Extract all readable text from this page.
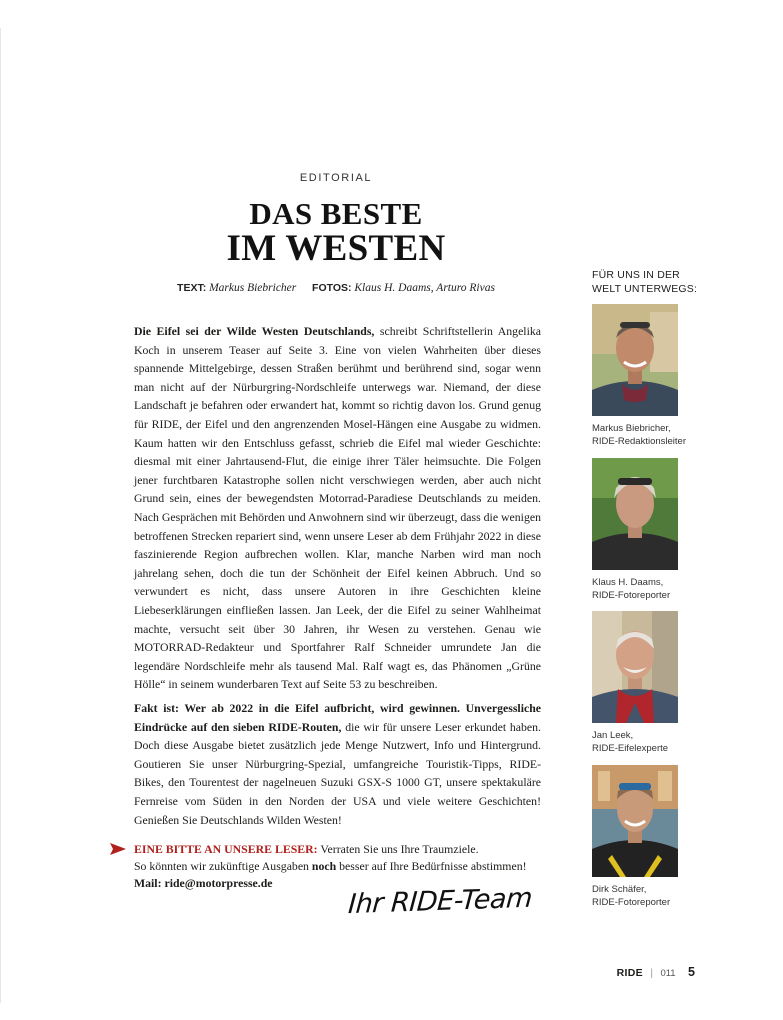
EDITORIAL
DAS BESTE
IM WESTEN
TEXT: Markus Biebricher FOTOS: Klaus H. Daams, Arturo Rivas
Die Eifel sei der Wilde Westen Deutschlands, schreibt Schriftstellerin Angelika Koch in unserem Teaser auf Seite 3. Eine von vielen Wahrheiten über dieses spannende Mittelgebirge, dessen Straßen berühmt und berührend sind, sogar wenn man nicht auf der Nürburgring-Nordschleife unterwegs war. Niemand, der diese Landschaft je befahren oder erwandert hat, kommt so richtig davon los. Grund genug für RIDE, der Eifel und den angrenzenden Mosel-Hängen eine Ausgabe zu widmen. Kaum hatten wir den Entschluss gefasst, schrieb die Eifel mal wieder Geschichte: diesmal mit einer Jahrtausend-Flut, die einige ihrer Täler heimsuchte. Die Folgen jener furchtbaren Katastrophe sollen nicht verschwiegen werden, aber auch nicht Grund sein, eines der bewegendsten Motorrad-Paradiese Deutschlands zu meiden. Nach Gesprächen mit Behörden und Anwohnern sind wir überzeugt, dass die wenigen betroffenen Strecken repariert sind, wenn unsere Leser ab dem Frühjahr 2022 in diese faszinierende Region aufbrechen wollen. Klar, manche Narben wird man noch jahrelang sehen, doch die tun der Schönheit der Eifel keinen Abbruch. Und so verwundert es nicht, dass unsere Autoren in ihre Geschichten kleine Liebeserklärungen einfließen lassen. Jan Leek, der die Eifel zu seiner Wahlheimat machte, versucht seit über 30 Jahren, ihr Wesen zu verstehen. Genau wie MOTORRAD-Redakteur und Sportfahrer Ralf Schneider umrundete Jan die legendäre Nordschleife mehr als tausend Mal. Ralf wagt es, das Phänomen „Grüne Hölle“ in seinem wunderbaren Text auf Seite 53 zu beschreiben.
Fakt ist: Wer ab 2022 in die Eifel aufbricht, wird gewinnen. Unvergessliche Eindrücke auf den sieben RIDE-Routen, die wir für unsere Leser erkundet haben. Doch diese Ausgabe bietet zusätzlich jede Menge Nutzwert, Info und Hintergrund. Goutieren Sie unser Nürburgring-Spezial, umfangreiche Touristik-Tipps, RIDE-Bikes, den Tourentest der nagelneuen Suzuki GSX-S 1000 GT, unsere spektakuläre Fernreise vom Süden in den Norden der USA und viele weitere Geschichten! Genießen Sie Deutschlands Wilden Westen!
EINE BITTE AN UNSERE LESER: Verraten Sie uns Ihre Traumziele.
So könnten wir zukünftige Ausgaben noch besser auf Ihre Bedürfnisse abstimmen!
Mail: ride@motorpresse.de	Ihr RIDE-Team
FÜR UNS IN DER
WELT UNTERWEGS:
Markus Biebricher,
RIDE-Redaktionsleiter
Klaus H. Daams,
RIDE-Fotoreporter
Jan Leek,
RIDE-Eifelexperte
Dirk Schäfer,
RIDE-Fotoreporter
RIDE | 011 5
